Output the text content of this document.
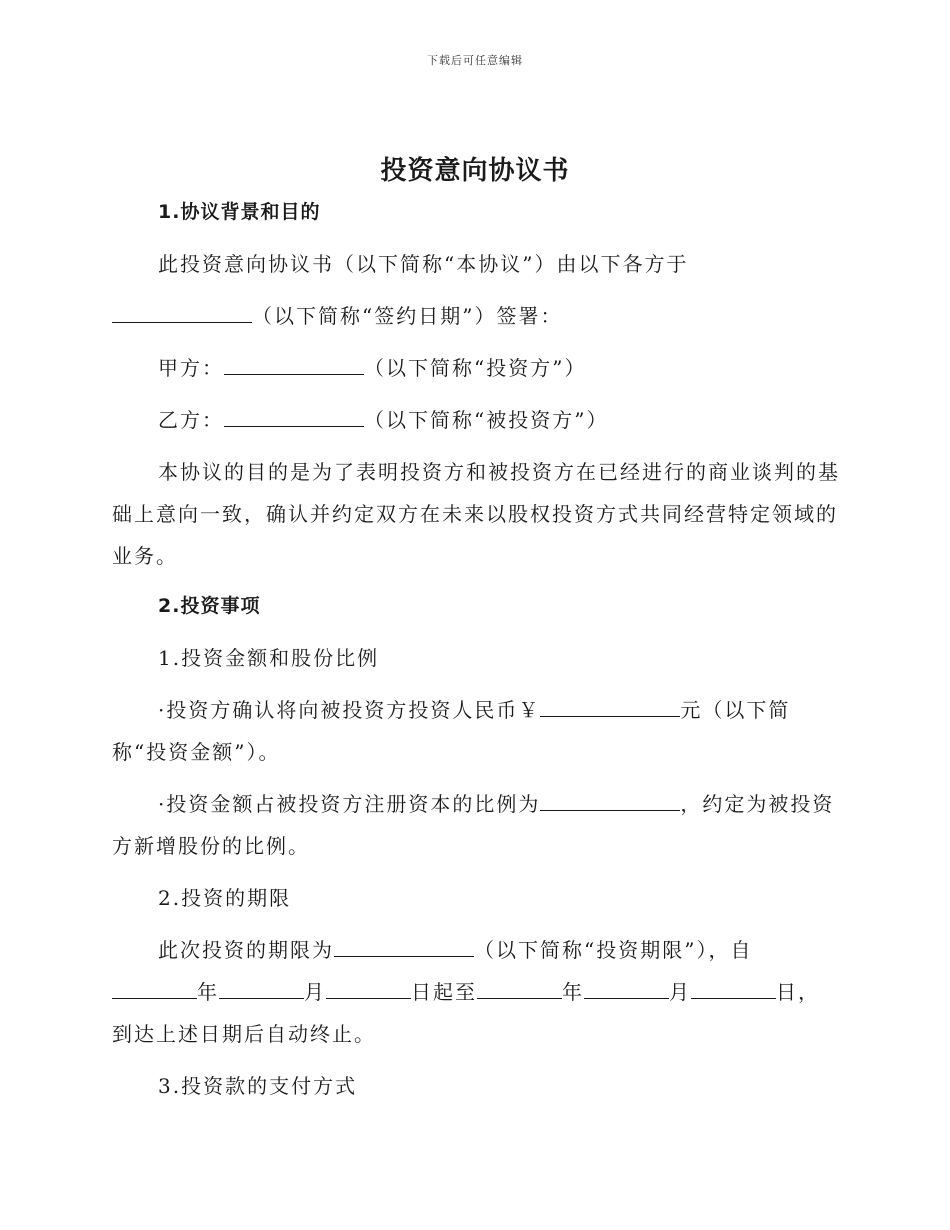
下载后可任意编辑
投资意向协议书
1.协议背景和目的
此投资意向协议书（以下简称“本协议”）由以下各方于
（以下简称“签约日期”）签署：
甲方：	（以下简称“投资方”）
乙方：	（以下简称“被投资方”）
本协议的目的是为了表明投资方和被投资方在已经进行的商业谈判的基
础上意向一致，确认并约定双方在未来以股权投资方式共同经营特定领域的
业务。
2.投资事项
1.投资金额和股份比例
·投资方确认将向被投资方投资人民币￥	元（以下简
称“投资金额”）。
·投资金额占被投资方注册资本的比例为	，约定为被投资
方新增股份的比例。
2.投资的期限
此次投资的期限为	（以下简称“投资期限”），自
年	月	日起至	年	月	日，
到达上述日期后自动终止。
3.投资款的支付方式
